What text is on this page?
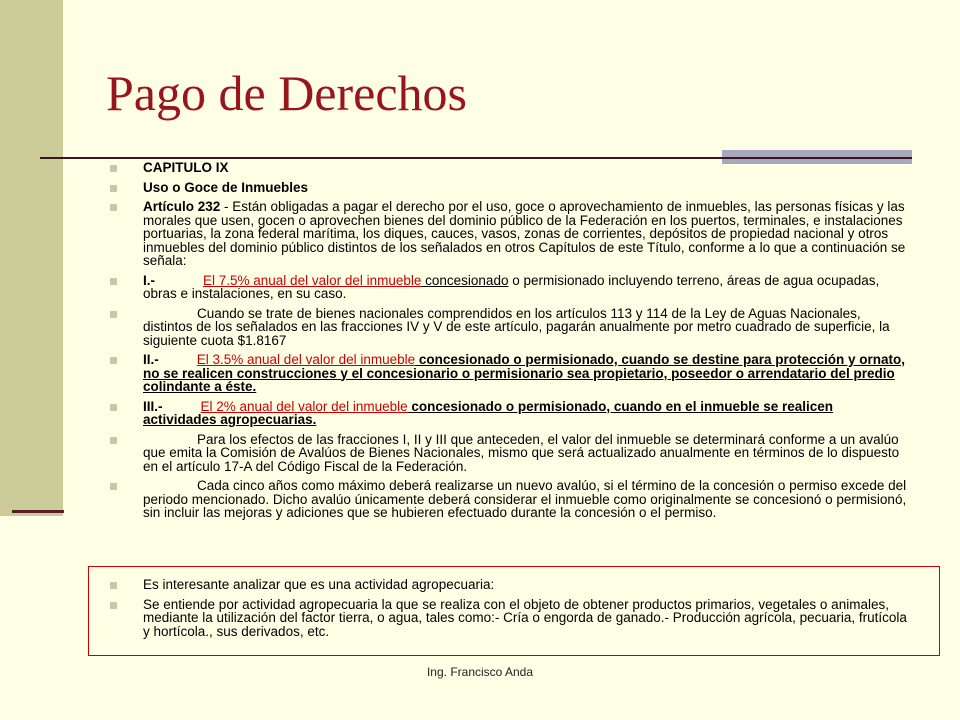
Pago de Derechos
CAPITULO IX
Uso o Goce de Inmuebles
Artículo 232 - Están obligadas a pagar el derecho por el uso, goce o aprovechamiento de inmuebles, las personas físicas y las morales que usen, gocen o aprovechen bienes del dominio público de la Federación en los puertos, terminales, e instalaciones portuarias, la zona federal marítima, los diques, cauces, vasos, zonas de corrientes, depósitos de propiedad nacional y otros inmuebles del dominio público distintos de los señalados en otros Capítulos de este Título, conforme a lo que a continuación se señala:
I.-	El 7.5% anual del valor del inmueble concesionado o permisionado incluyendo terreno, áreas de agua ocupadas, obras e instalaciones, en su caso.
Cuando se trate de bienes nacionales comprendidos en los artículos 113 y 114 de la Ley de Aguas Nacionales, distintos de los señalados en las fracciones IV y V de este artículo, pagarán anualmente por metro cuadrado de superficie, la siguiente cuota $1.8167
II.-	El 3.5% anual del valor del inmueble concesionado o permisionado, cuando se destine para protección y ornato, no se realicen construcciones y el concesionario o permisionario sea propietario, poseedor o arrendatario del predio colindante a éste.
III.-	El 2% anual del valor del inmueble concesionado o permisionado, cuando en el inmueble se realicen actividades agropecuarias.
Para los efectos de las fracciones I, II y III que anteceden, el valor del inmueble se determinará conforme a un avalúo que emita la Comisión de Avalúos de Bienes Nacionales, mismo que será actualizado anualmente en términos de lo dispuesto en el artículo 17-A del Código Fiscal de la Federación.
Cada cinco años como máximo deberá realizarse un nuevo avalúo, si el término de la concesión o permiso excede del periodo mencionado. Dicho avalúo únicamente deberá considerar el inmueble como originalmente se concesionó o permisionó, sin incluir las mejoras y adiciones que se hubieren efectuado durante la concesión o el permiso.
Es interesante analizar que es una actividad agropecuaria:
Se entiende por actividad agropecuaria la que se realiza con el objeto de obtener productos primarios, vegetales o animales, mediante la utilización del factor tierra, o agua, tales como:- Cría o engorda de ganado.- Producción agrícola, pecuaria, frutícola y hortícola., sus derivados, etc.
Ing. Francisco Anda
